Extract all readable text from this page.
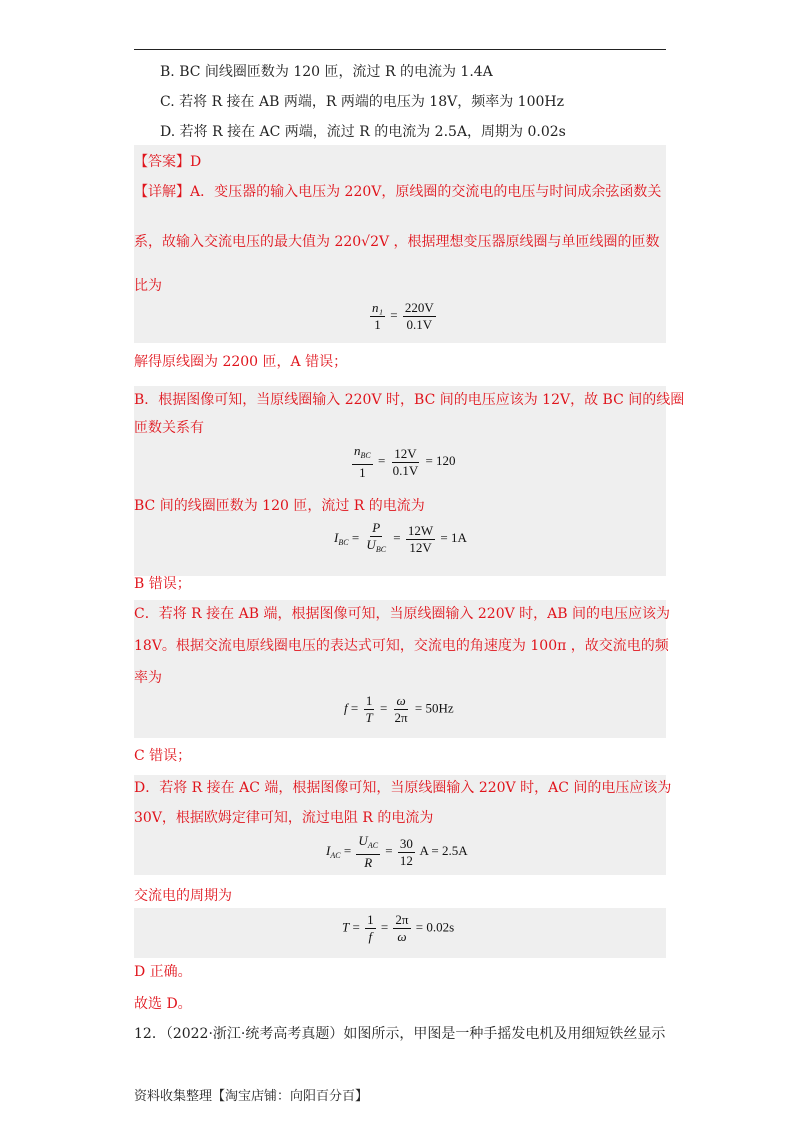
B. BC 间线圈匝数为 120 匝，流过 R 的电流为 1.4A
C. 若将 R 接在 AB 两端，R 两端的电压为 18V，频率为 100Hz
D. 若将 R 接在 AC 两端，流过 R 的电流为 2.5A，周期为 0.02s
【答案】D
【详解】A．变压器的输入电压为 220V，原线圈的交流电的电压与时间成余弦函数关
系，故输入交流电压的最大值为 220√2V ，根据理想变压器原线圈与单匝线圈的匝数
比为
$\frac{\text{n₁}}{1} = \frac{220V}{0.1V}$
解得原线圈为 2200 匝，A 错误；
B．根据图像可知，当原线圈输入 220V 时，BC 间的电压应该为 12V，故 BC 间的线圈
匝数关系有
$\frac{n_{BC}}{1} = \frac{12V}{0.1V} = 120$
BC 间的线圈匝数为 120 匝，流过 R 的电流为
$I_{BC} = \frac{P}{U_{BC}} = \frac{12W}{12V} = 1A$
B 错误；
C．若将 R 接在 AB 端，根据图像可知，当原线圈输入 220V 时，AB 间的电压应该为
18V。根据交流电原线圈电压的表达式可知，交流电的角速度为 100π ，故交流电的频
率为
$f = \frac{1}{T} = \frac{\omega}{2\pi} = 50Hz$
C 错误；
D．若将 R 接在 AC 端，根据图像可知，当原线圈输入 220V 时，AC 间的电压应该为
30V，根据欧姆定律可知，流过电阻 R 的电流为
$I_{AC} = \frac{U_{AC}}{R} = \frac{30}{12}$ A = 2.5A
交流电的周期为
$T = \frac{1}{f} = \frac{2\pi}{\omega} = 0.02s$
D 正确。
故选 D。
12．（2022·浙江·统考高考真题）如图所示，甲图是一种手摇发电机及用细短铁丝显示
资料收集整理【淘宝店铺：向阳百分百】
